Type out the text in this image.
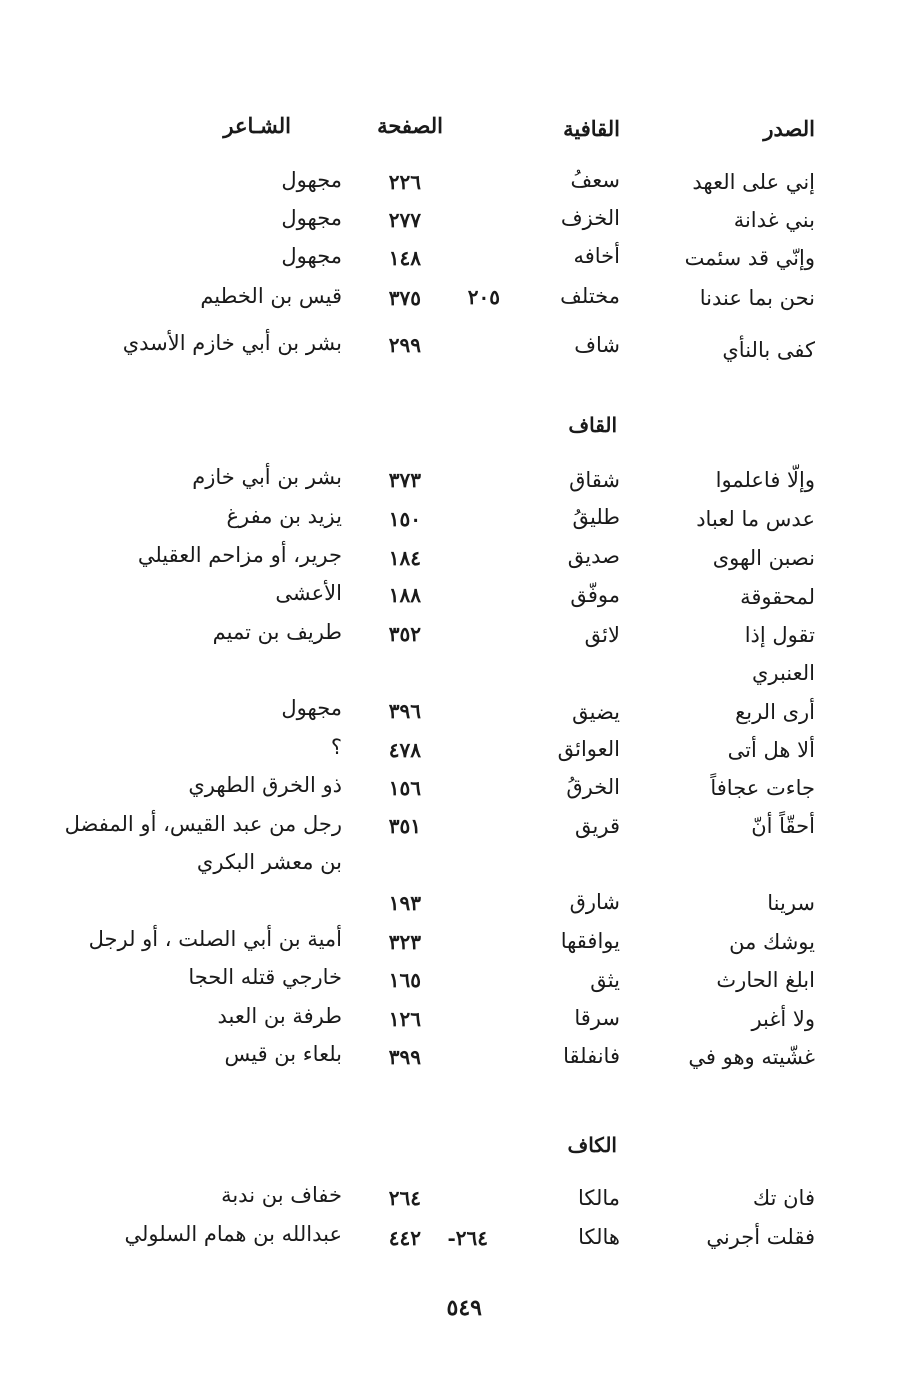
الصدر
القافية
الصفحة
الشـاعر
إني على العهد
سعفُ
٢٢٦
مجهول
بني غدانة
الخزف
٢٧٧
مجهول
وإنّي قد سئمت
أخافه
١٤٨
مجهول
نحن بما عندنا
مختلف
٢٠٥
٣٧٥
قيس بن الخطيم
كفى بالنأي
شاف
٢٩٩
بشر بن أبي خازم الأسدي
القاف
وإلّا فاعلموا
شقاق
٣٧٣
بشر بن أبي خازم
عدس ما لعباد
طليقُ
١٥٠
يزيد بن مفرغ
نصبن الهوى
صديق
١٨٤
جرير، أو مزاحم العقيلي
لمحقوقة
موفّق
١٨٨
الأعشى
تقول إذا
لائق
٣٥٢
طريف بن تميم
العنبري
أرى الربع
يضيق
٣٩٦
مجهول
ألا هل أتى
العوائق
٤٧٨
؟
جاءت عجافاً
الخرقُ
١٥٦
ذو الخرق الطهري
أحقّاً أنّ
قريق
٣٥١
رجل من عبد القيس، أو المفضل
بن معشر البكري
سرينا
شارق
١٩٣
يوشك من
يوافقها
٣٢٣
أمية بن أبي الصلت ، أو لرجل
ابلغ الحارث
يثق
١٦٥
خارجي قتله الحجا
ولا أغبر
سرقا
١٢٦
طرفة بن العبد
غشّيته وهو في
فانفلقا
٣٩٩
بلعاء بن قيس
الكاف
فان تك
مالكا
٢٦٤
خفاف بن ندبة
فقلت أجرني
هالكا
٢٦٤-
٤٤٢
عبدالله بن همام السلولي
٥٤٩
